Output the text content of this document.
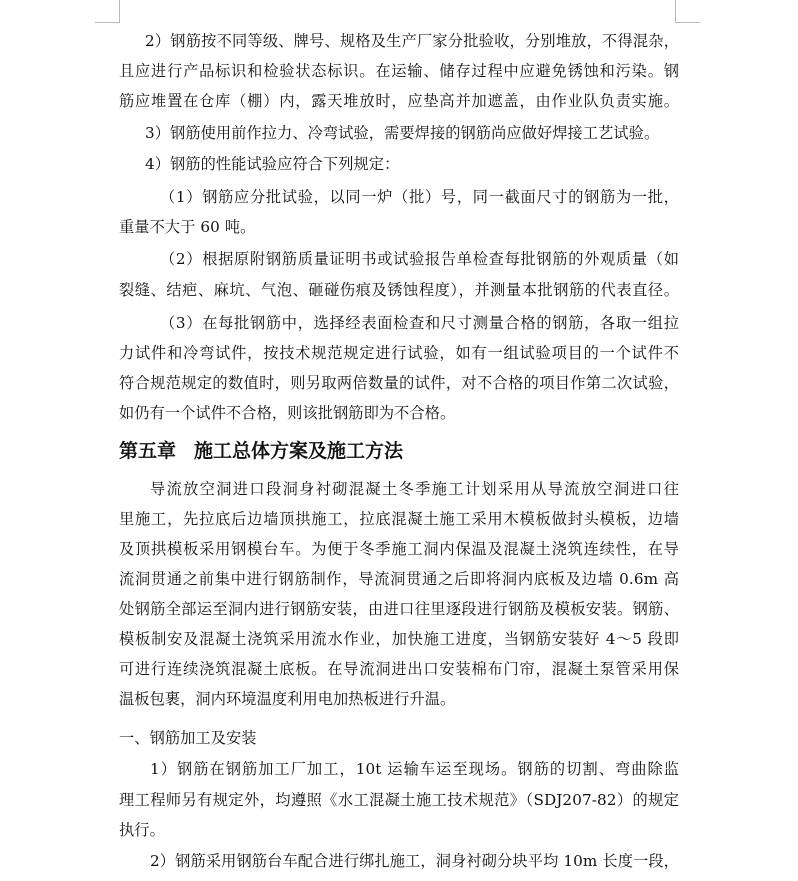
2）钢筋按不同等级、牌号、规格及生产厂家分批验收，分别堆放，不得混杂，
且应进行产品标识和检验状态标识。在运输、储存过程中应避免锈蚀和污染。钢
筋应堆置在仓库（棚）内，露天堆放时，应垫高并加遮盖，由作业队负责实施。
3）钢筋使用前作拉力、冷弯试验，需要焊接的钢筋尚应做好焊接工艺试验。
4）钢筋的性能试验应符合下列规定：
（1）钢筋应分批试验，以同一炉（批）号，同一截面尺寸的钢筋为一批，
重量不大于 60 吨。
（2）根据原附钢筋质量证明书或试验报告单检查每批钢筋的外观质量（如
裂缝、结疤、麻坑、气泡、砸碰伤痕及锈蚀程度），并测量本批钢筋的代表直径。
（3）在每批钢筋中，选择经表面检查和尺寸测量合格的钢筋，各取一组拉
力试件和冷弯试件，按技术规范规定进行试验，如有一组试验项目的一个试件不
符合规范规定的数值时，则另取两倍数量的试件，对不合格的项目作第二次试验，
如仍有一个试件不合格，则该批钢筋即为不合格。
第五章 施工总体方案及施工方法
导流放空洞进口段洞身衬砌混凝土冬季施工计划采用从导流放空洞进口往
里施工，先拉底后边墙顶拱施工，拉底混凝土施工采用木模板做封头模板，边墙
及顶拱模板采用钢模台车。为便于冬季施工洞内保温及混凝土浇筑连续性，在导
流洞贯通之前集中进行钢筋制作，导流洞贯通之后即将洞内底板及边墙 0.6m 高
处钢筋全部运至洞内进行钢筋安装，由进口往里逐段进行钢筋及模板安装。钢筋、
模板制安及混凝土浇筑采用流水作业，加快施工进度，当钢筋安装好 4～5 段即
可进行连续浇筑混凝土底板。在导流洞进出口安装棉布门帘，混凝土泵管采用保
温板包裹，洞内环境温度利用电加热板进行升温。
一、钢筋加工及安装
1）钢筋在钢筋加工厂加工，10t 运输车运至现场。钢筋的切割、弯曲除监
理工程师另有规定外，均遵照《水工混凝土施工技术规范》（SDJ207-82）的规定
执行。
2）钢筋采用钢筋台车配合进行绑扎施工，洞身衬砌分块平均 10m 长度一段，
